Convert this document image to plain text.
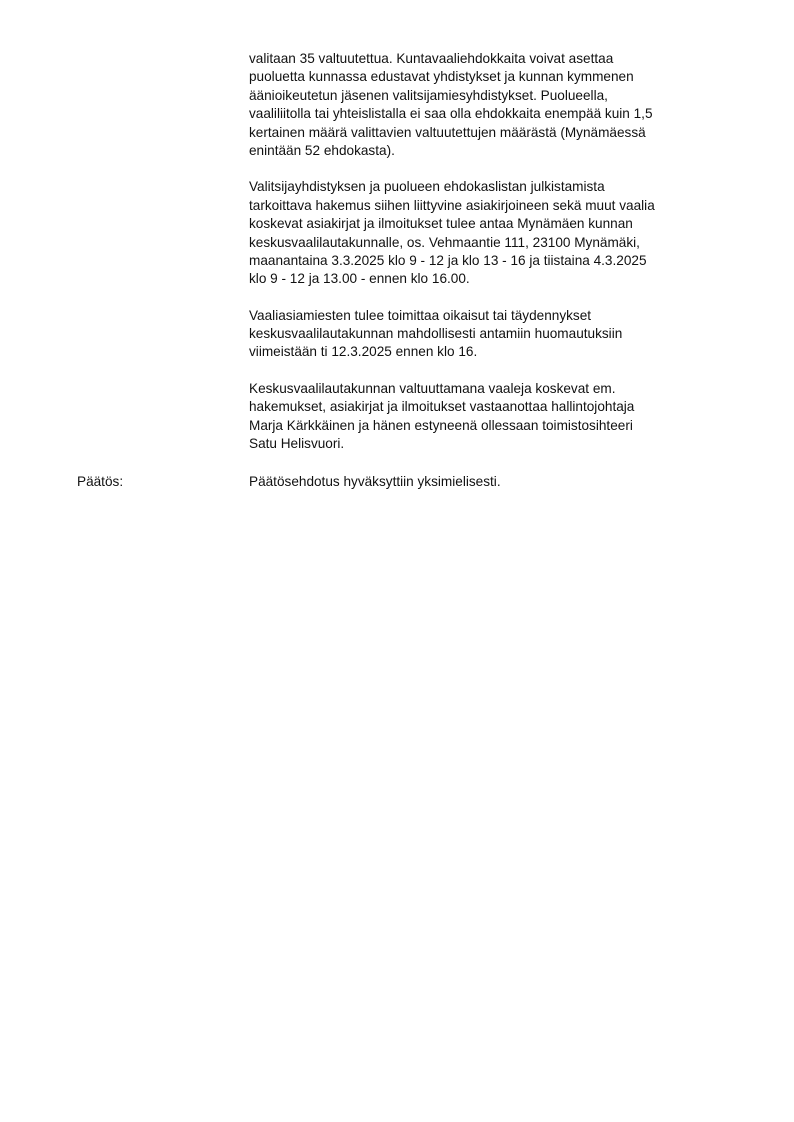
valitaan 35 valtuutettua. Kuntavaaliehdokkaita voivat asettaa
puoluetta kunnassa edustavat yhdistykset ja kunnan kymmenen
äänioikeutetun jäsenen valitsijamiesyhdistykset. Puolueella,
vaaliliitolla tai yhteislistalla ei saa olla ehdokkaita enempää kuin 1,5
kertainen määrä valittavien valtuutettujen määrästä (Mynämäessä
enintään 52 ehdokasta).
Valitsijayhdistyksen ja puolueen ehdokaslistan julkistamista
tarkoittava hakemus siihen liittyvine asiakirjoineen sekä muut vaalia
koskevat asiakirjat ja ilmoitukset tulee antaa Mynämäen kunnan
keskusvaalilautakunnalle, os. Vehmaantie 111, 23100 Mynämäki,
maanantaina 3.3.2025 klo 9 - 12 ja klo 13 - 16 ja tiistaina 4.3.2025
klo 9 - 12 ja 13.00 - ennen klo 16.00.
Vaaliasiamiesten tulee toimittaa oikaisut tai täydennykset
keskusvaalilautakunnan mahdollisesti antamiin huomautuksiin
viimeistään ti 12.3.2025 ennen klo 16.
Keskusvaalilautakunnan valtuuttamana vaaleja koskevat em.
hakemukset, asiakirjat ja ilmoitukset vastaanottaa hallintojohtaja
Marja Kärkkäinen ja hänen estyneenä ollessaan toimistosihteeri
Satu Helisvuori.
Päätös:	Päätösehdotus hyväksyttiin yksimielisesti.
